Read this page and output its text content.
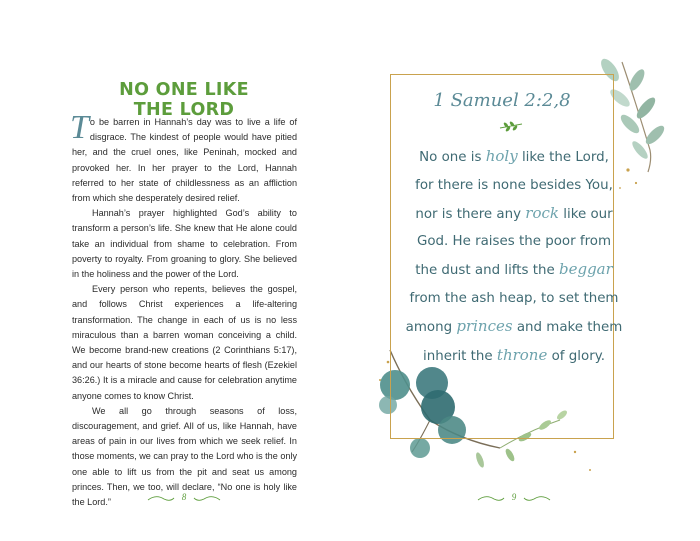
NO ONE LIKE THE LORD

To be barren in Hannah’s day was to live a life of disgrace. The kindest of people would have pitied her, and the cruel ones, like Peninah, mocked and provoked her. In her prayer to the Lord, Hannah referred to her state of childlessness as an affliction from which she desperately desired relief.

Hannah’s prayer highlighted God’s ability to transform a person’s life. She knew that He alone could take an individual from shame to celebration. From poverty to royalty. From groaning to glory. She believed in the holiness and the power of the Lord.

Every person who repents, believes the gospel, and follows Christ experiences a life-altering transformation. The change in each of us is no less miraculous than a barren woman conceiving a child. We become brand-new creations (2 Corinthians 5:17), and our hearts of stone become hearts of flesh (Ezekiel 36:26.) It is a miracle and cause for celebration anytime anyone comes to know Christ.

We all go through seasons of loss, discouragement, and grief. All of us, like Hannah, have areas of pain in our lives from which we seek relief. In those moments, we can pray to the Lord who is the only one able to lift us from the pit and seat us among princes. Then, we too, will declare, “No one is holy like the Lord.”

8
1 Samuel 2:2,8
No one is holy like the Lord,
for there is none besides You,
nor is there any rock like our
God. He raises the poor from
the dust and lifts the beggar
from the ash heap, to set them
among princes and make them
inherit the throne of glory.
9
